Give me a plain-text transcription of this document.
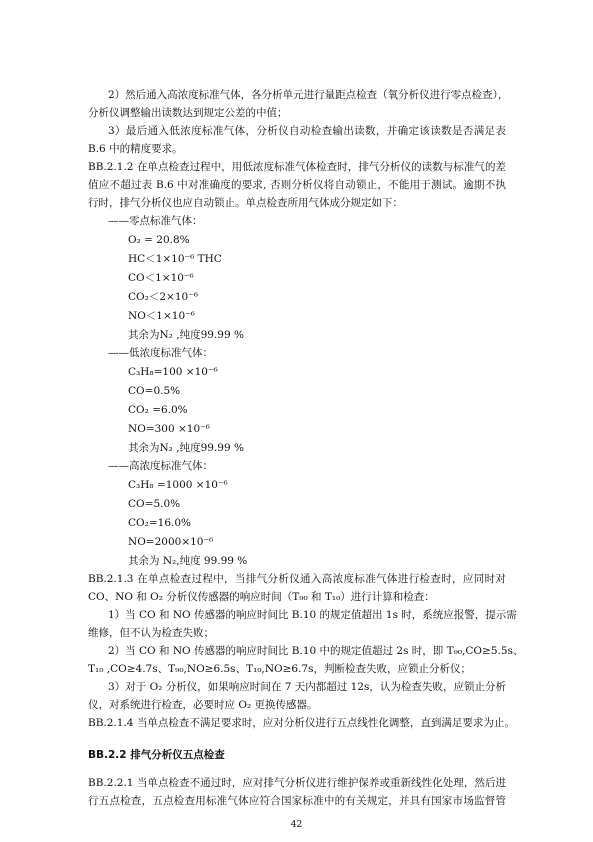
2）然后通入高浓度标准气体，各分析单元进行量距点检查（氧分析仪进行零点检查），
分析仪调整输出读数达到规定公差的中值；
3）最后通入低浓度标准气体，分析仪自动检查输出读数，并确定该读数是否满足表
B.6 中的精度要求。
BB.2.1.2 在单点检查过程中，用低浓度标准气体检查时，排气分析仪的读数与标准气的差
值应不超过表 B.6 中对准确度的要求, 否则分析仪将自动锁止，不能用于测试。逾期不执
行时，排气分析仪也应自动锁止。单点检查所用气体成分规定如下：
——零点标准气体：
O₂ = 20.8%
HC＜1×10⁻⁶ THC
CO＜1×10⁻⁶
CO₂＜2×10⁻⁶
NO＜1×10⁻⁶
其余为N₂ ,纯度99.99 %
——低浓度标准气体：
C₃H₈=100 ×10⁻⁶
CO=0.5%
CO₂ =6.0%
NO=300 ×10⁻⁶
其余为N₂ ,纯度99.99 %
——高浓度标准气体：
C₃H₈ =1000 ×10⁻⁶
CO=5.0%
CO₂=16.0%
NO=2000×10⁻⁶
其余为 N₂,纯度 99.99 %
BB.2.1.3 在单点检查过程中，当排气分析仪通入高浓度标准气体进行检查时，应同时对
CO、NO 和 O₂ 分析仪传感器的响应时间（T₉₀ 和 T₁₀）进行计算和检查：
1）当 CO 和 NO 传感器的响应时间比 B.10 的规定值超出 1s 时，系统应报警，提示需
维修，但不认为检查失败；
2）当 CO 和 NO 传感器的响应时间比 B.10 中的规定值超过 2s 时，即 T₉₀,CO≥5.5s、
T₁₀ ,CO≥4.7s、T₉₀,NO≥6.5s、T₁₀,NO≥6.7s，判断检查失败，应锁止分析仪；
3）对于 O₂ 分析仪，如果响应时间在 7 天内都超过 12s，认为检查失败，应锁止分析
仪，对系统进行检查，必要时应 O₂ 更换传感器。
BB.2.1.4 当单点检查不满足要求时，应对分析仪进行五点线性化调整，直到满足要求为止。
BB.2.2 排气分析仪五点检查
BB.2.2.1 当单点检查不通过时，应对排气分析仪进行维护保养或重新线性化处理，然后进
行五点检查，五点检查用标准气体应符合国家标准中的有关规定，并具有国家市场监督管
42
